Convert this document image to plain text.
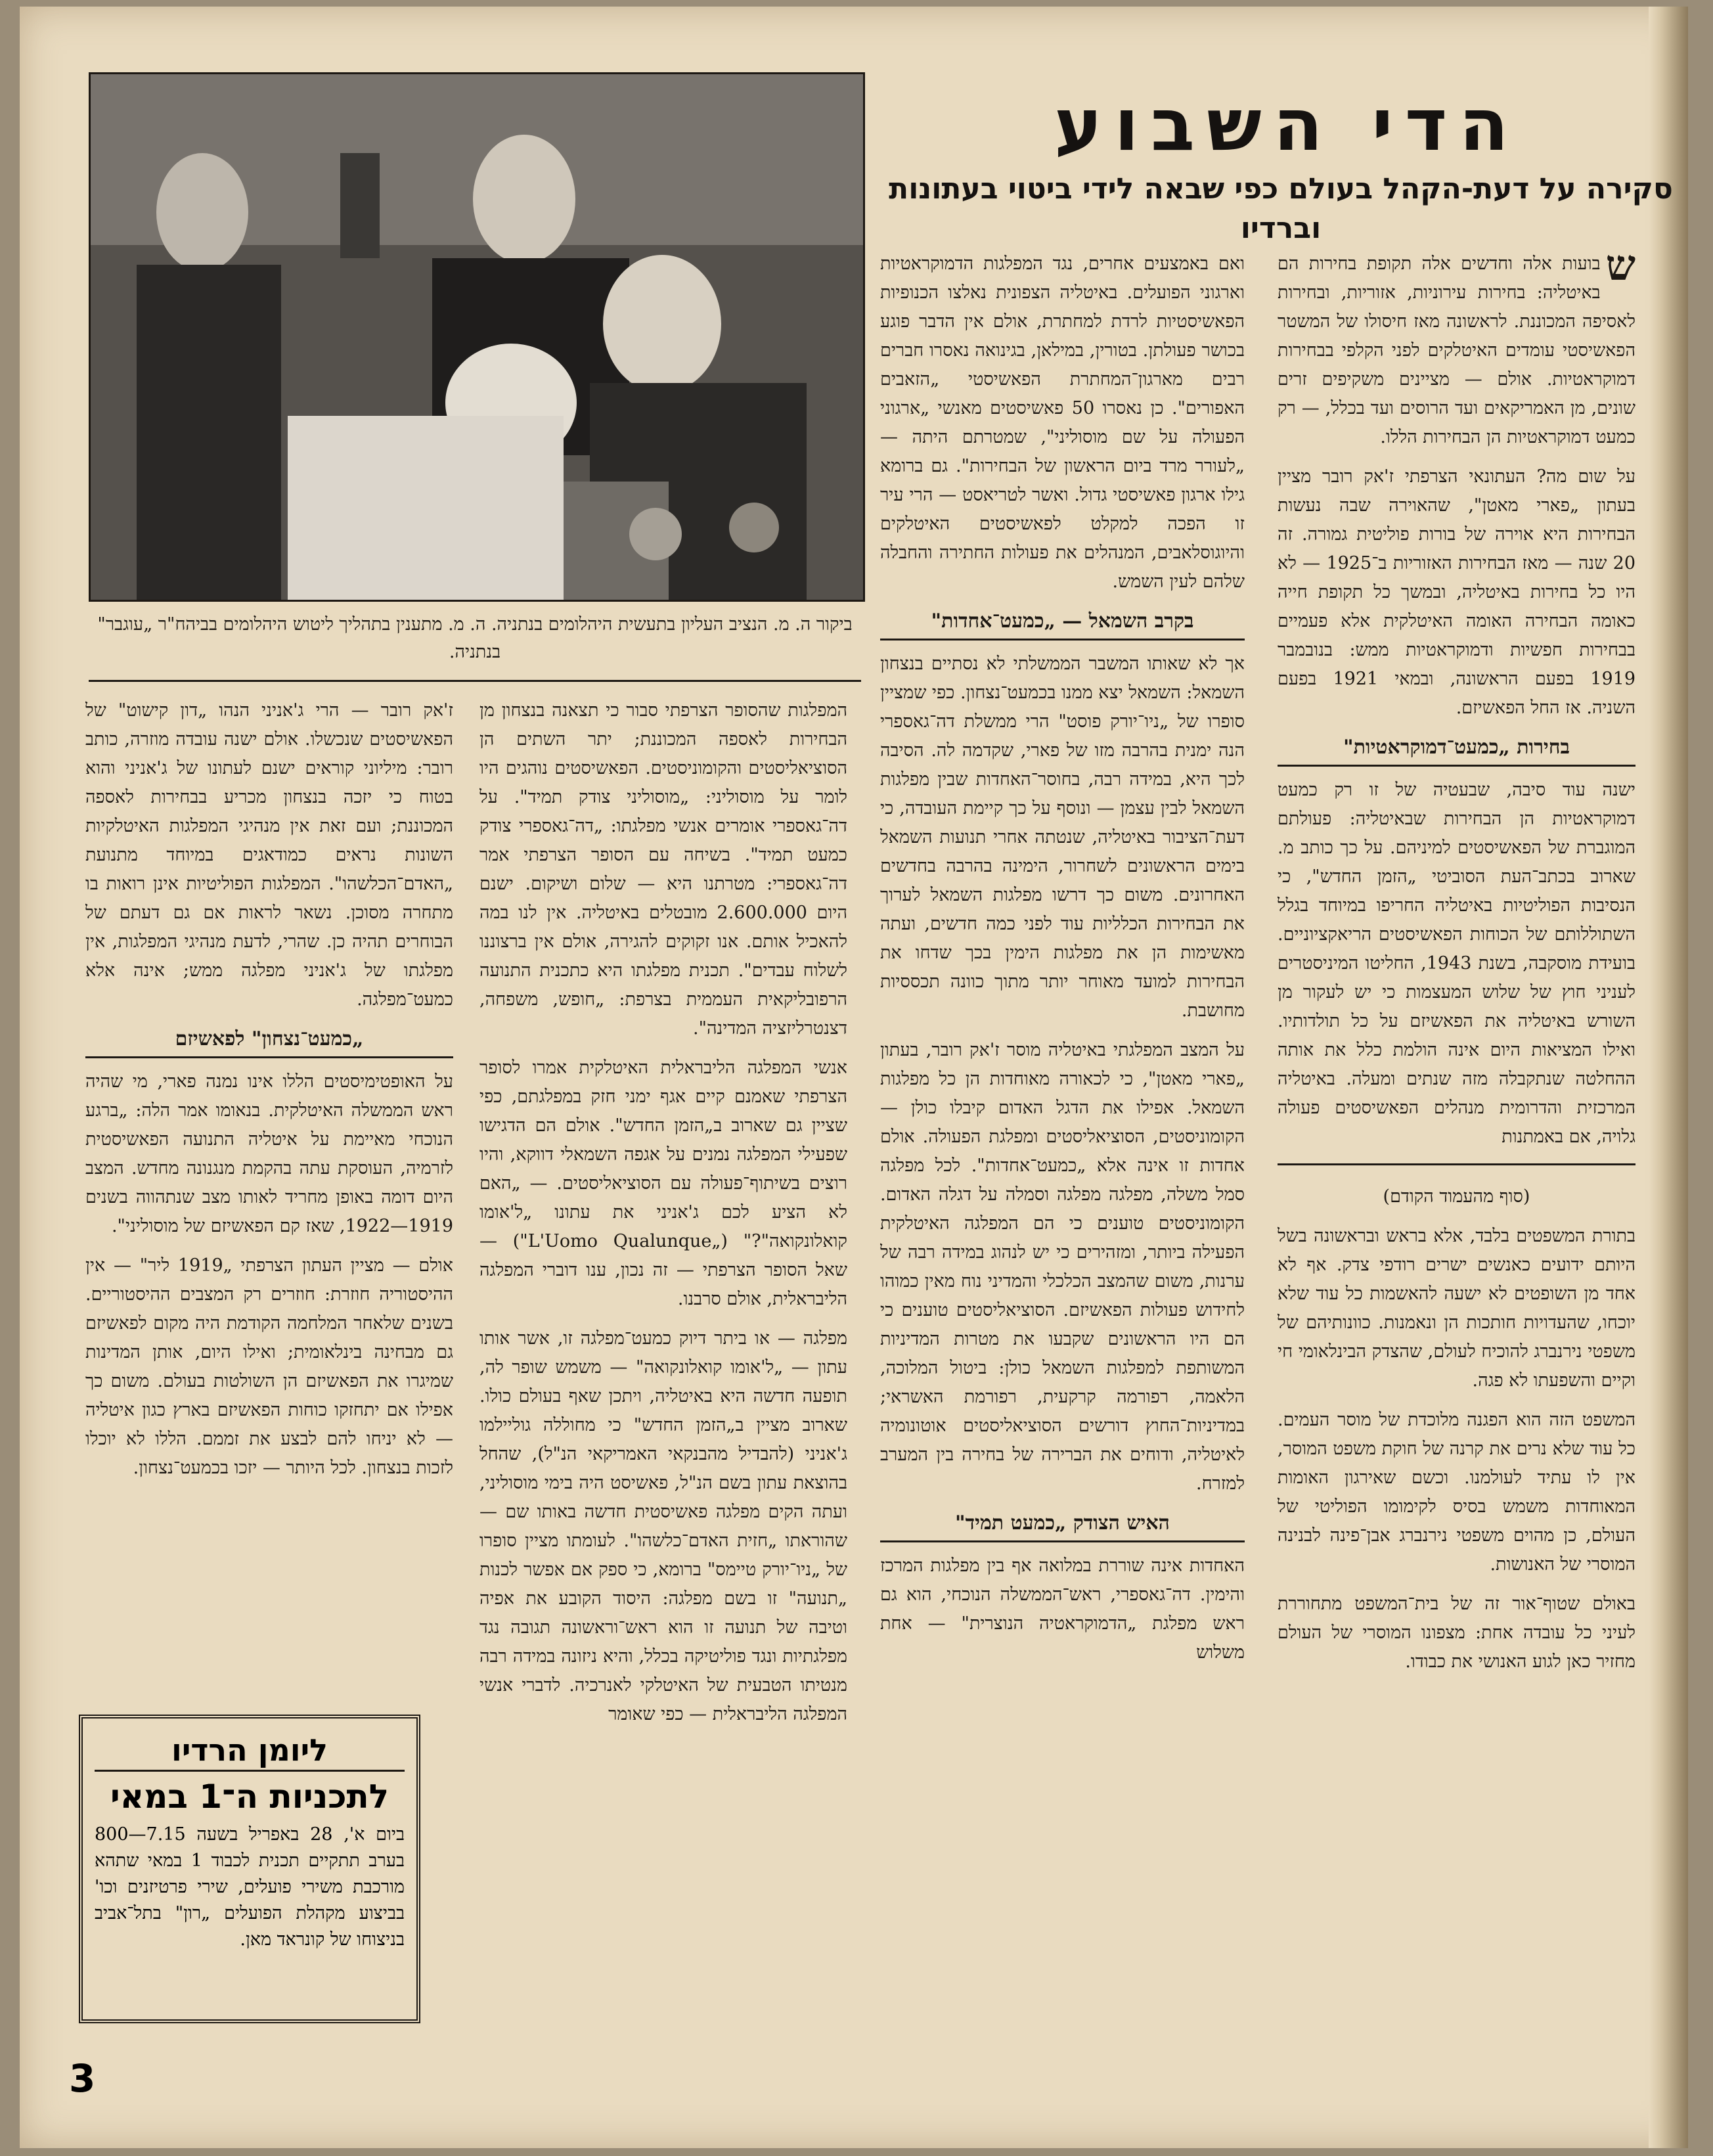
הדי השבוע
סקירה על דעת-הקהל בעולם כפי שבאה לידי ביטוי בעתונות וברדיו
ביקור ה. מ. הנציב העליון בתעשית היהלומים בנתניה. ה. מ. מתענין בתהליך ליטוש היהלומים בביהח"ר „עוגבר" בנתניה.

ש
בועות אלה וחדשים אלה תקופת בחירות הם באיטליה: בחירות עירוניות, אזוריות, ובחירות לאסיפה המכוננת. לראשונה מאז חיסולו של המשטר הפאשיסטי עומדים האיטלקים לפני הקלפי בבחירות דמוקראטיות. אולם — מציינים משקיפים זרים שונים, מן האמריקאים ועד הרוסים ועד בכלל, — רק כמעט דמוקראטיות הן הבחירות הללו.

על שום מה? העתונאי הצרפתי ז'אק רובר מציין בעתון „פארי מאטן", שהאוירה שבה נעשות הבחירות היא אוירה של בורות פוליטית גמורה. זה 20 שנה — מאז הבחירות האזוריות ב־1925 — לא היו כל בחירות באיטליה, ובמשך כל תקופת חייה כאומה הבחירה האומה האיטלקית אלא פעמיים בבחירות חפשיות ודמוקראטיות ממש: בנובמבר 1919 בפעם הראשונה, ובמאי 1921 בפעם השניה. אז החל הפאשיזם.

בחירות „כמעט־דמוקראטיות"

ישנה עוד סיבה, שבעטיה של זו רק כמעט דמוקראטיות הן הבחירות שבאיטליה: פעולתם המוגברת של הפאשיסטים למיניהם. על כך כותב מ. שארוב בכתב־העת הסוביטי „הזמן החדש", כי הנסיבות הפוליטיות באיטליה החריפו במיוחד בגלל השתוללותם של הכוחות הפאשיסטים הריאקציוניים. בועידת מוסקבה, בשנת 1943, החליטו המיניסטרים לעניני חוץ של שלוש המעצמות כי יש לעקור מן השורש באיטליה את הפאשיזם על כל תולדותיו. ואילו המציאות היום אינה הולמת כלל את אותה ההחלטה שנתקבלה מזה שנתים ומעלה. באיטליה המרכזית והדרומית מנהלים הפאשיסטים פעולה גלויה, אם באמתנות

(סוף מהעמוד הקודם)

בתורת המשפטים בלבד, אלא בראש ובראשונה בשל היותם ידועים כאנשים ישרים רודפי צדק. אף לא אחד מן השופטים לא ישעה להאשמות כל עוד שלא יוכחו, שהעדויות חותכות הן ונאמנות. כוונותיהם של משפטי נירנברג להוכיח לעולם, שהצדק הבינלאומי חי וקיים והשפעתו לא פגה.

המשפט הזה הוא הפגנה מלוכדת של מוסר העמים. כל עוד שלא נרים את קרנה של חוקת משפט המוסר, אין לו עתיד לעולמנו. וכשם שאירגון האומות המאוחדות משמש בסיס לקימומו הפוליטי של העולם, כן מהוים משפטי נירנברג אבן־פינה לבנינה המוסרי של האנושות.

באולם שטוף־אור זה של בית־המשפט מתחוררת לעיני כל עובדה אחת: מצפונו המוסרי של העולם מחזיר כאן לגוע האנושי את כבודו.

ואם באמצעים אחרים, נגד המפלגות הדמוקראטיות וארגוני הפועלים. באיטליה הצפונית נאלצו הכנופיות הפאשיסטיות לרדת למחתרת, אולם אין הדבר פוגע בכושר פעולתן. בטורין, במילאן, בגינואה נאסרו חברים רבים מארגון־המחתרת הפאשיסטי „הזאבים האפורים". כן נאסרו 50 פאשיסטים מאנשי „ארגוני הפעולה על שם מוסוליני", שמטרתם היתה — „לעורר מרד ביום הראשון של הבחירות". גם ברומא גילו ארגון פאשיסטי גדול. ואשר לטריאסט — הרי עיר זו הפכה למקלט לפאשיסטים האיטלקים והיוגוסלאבים, המנהלים את פעולות החתירה והחבלה שלהם לעין השמש.

בקרב השמאל — „כמעט־אחדות"

אך לא שאותו המשבר הממשלתי לא נסתיים בנצחון השמאל: השמאל יצא ממנו בכמעט־נצחון. כפי שמציין סופרו של „ניו־יורק פוסט" הרי ממשלת דה־גאספרי הנה ימנית בהרבה מזו של פארי, שקדמה לה. הסיבה לכך היא, במידה רבה, בחוסר־האחדות שבין מפלגות השמאל לבין עצמן — ונוסף על כך קיימת העובדה, כי דעת־הציבור באיטליה, שנטתה אחרי תנועות השמאל בימים הראשונים לשחרור, הימינה בהרבה בחדשים האחרונים. משום כך דרשו מפלגות השמאל לערוך את הבחירות הכלליות עוד לפני כמה חדשים, ועתה מאשימות הן את מפלגות הימין בכך שדחו את הבחירות למועד מאוחר יותר מתוך כוונה תכססיות מחושבת.

על המצב המפלגתי באיטליה מוסר ז'אק רובר, בעתון „פארי מאטן", כי לכאורה מאוחדות הן כל מפלגות השמאל. אפילו את הדגל האדום קיבלו כולן — הקומוניסטים, הסוציאליסטים ומפלגת הפעולה. אולם אחדות זו אינה אלא „כמעט־אחדות". לכל מפלגה סמל משלה, מפלגה מפלגה וסמלה על דגלה האדום. הקומוניסטים טוענים כי הם המפלגה האיטלקית הפעילה ביותר, ומזהירים כי יש לנהוג במידה רבה של ערנות, משום שהמצב הכלכלי והמדיני נוח מאין כמוהו לחידוש פעולות הפאשיזם. הסוציאליסטים טוענים כי הם היו הראשונים שקבעו את מטרות המדיניות המשותפת למפלגות השמאל כולן: ביטול המלוכה, הלאמה, רפורמה קרקעית, רפורמת האשראי; במדיניות־החוץ דורשים הסוציאליסטים אוטונומיה לאיטליה, ודוחים את הברירה של בחירה בין המערב למזרח.

האיש הצודק „כמעט תמיד"

האחדות אינה שוררת במלואה אף בין מפלגות המרכז והימין. דה־גאספרי, ראש־הממשלה הנוכחי, הוא גם ראש מפלגת „הדמוקראטיה הנוצרית" — אחת משלוש

המפלגות שהסופר הצרפתי סבור כי תצאנה בנצחון מן הבחירות לאספה המכוננת; יתר השתים הן הסוציאליסטים והקומוניסטים. הפאשיסטים נוהגים היו לומר על מוסוליני: „מוסוליני צודק תמיד". על דה־גאספרי אומרים אנשי מפלגתו: „דה־גאספרי צודק כמעט תמיד". בשיחה עם הסופר הצרפתי אמר דה־גאספרי: מטרתנו היא — שלום ושיקום. ישנם היום 2.600.000 מובטלים באיטליה. אין לנו במה להאכיל אותם. אנו זקוקים להגירה, אולם אין ברצוננו לשלוח עבדים". תכנית מפלגתו היא כתכנית התנועה הרפובליקאית העממית בצרפת: „חופש, משפחה, דצנטרליזציה המדינה".

אנשי המפלגה הליבראלית האיטלקית אמרו לסופר הצרפתי שאמנם קיים אגף ימני חזק במפלגתם, כפי שציין גם שארוב ב„הזמן החדש". אולם הם הדגישו שפעילי המפלגה נמנים על אגפה השמאלי דווקא, והיו רוצים בשיתוף־פעולה עם הסוציאליסטים. — „האם לא הציע לכם ג'אניני את עתונו „ל'אומו קואלונקואה"?" („L'Uomo Qualunque") — שאל הסופר הצרפתי — זה נכון, ענו דוברי המפלגה הליבראלית, אולם סרבנו.

מפלגה — או ביתר דיוק כמעט־מפלגה זו, אשר אותו עתון — „ל'אומו קואלונקואה" — משמש שופר לה, תופעה חדשה היא באיטליה, ויתכן שאף בעולם כולו. שארוב מציין ב„הזמן החדש" כי מחוללה גוליילמו ג'אניני (להבדיל מהבנקאי האמריקאי הנ"ל), שהחל בהוצאת עתון בשם הנ"ל, פאשיסט היה בימי מוסוליני, ועתה הקים מפלגה פאשיסטית חדשה באותו שם — שהוראתו „חזית האדם־כלשהו". לעומתו מציין סופרו של „ניו־יורק טיימס" ברומא, כי ספק אם אפשר לכנות „תנועה" זו בשם מפלגה: היסוד הקובע את אפיה וטיבה של תנועה זו הוא ראש־וראשונה תגובה נגד מפלגתיות ונגד פוליטיקה בכלל, והיא ניזונה במידה רבה מנטיתו הטבעית של האיטלקי לאנרכיה. לדברי אנשי המפלגה הליבראלית — כפי שאומר

ז'אק רובר — הרי ג'אניני הנהו „דון קישוט" של הפאשיסטים שנכשלו. אולם ישנה עובדה מוזרה, כותב רובר: מיליוני קוראים ישנם לעתונו של ג'אניני והוא בטוח כי יזכה בנצחון מכריע בבחירות לאספה המכוננת; ועם זאת אין מנהיגי המפלגות האיטלקיות השונות נראים כמודאגים במיוחד מתנועת „האדם־הכלשהו". המפלגות הפוליטיות אינן רואות בו מתחרה מסוכן. נשאר לראות אם גם דעתם של הבוחרים תהיה כן. שהרי, לדעת מנהיגי המפלגות, אין מפלגתו של ג'אניני מפלגה ממש; אינה אלא כמעט־מפלגה.

„כמעט־נצחון" לפאשיזם

על האופטימיסטים הללו אינו נמנה פארי, מי שהיה ראש הממשלה האיטלקית. בנאומו אמר הלה: „ברגע הנוכחי מאיימת על איטליה התנועה הפאשיסטית לזרמיה, העוסקת עתה בהקמת מנגנונה מחדש. המצב היום דומה באופן מחריד לאותו מצב שנתהווה בשנים 1919—1922, שאז קם הפאשיזם של מוסוליני".

אולם — מציין העתון הצרפתי „1919 ליר" — אין ההיסטוריה חוזרת: חוזרים רק המצבים ההיסטוריים. בשנים שלאחר המלחמה הקודמת היה מקום לפאשיזם גם מבחינה בינלאומית; ואילו היום, אותן המדינות שמיגרו את הפאשיזם הן השולטות בעולם. משום כך אפילו אם יתחזקו כוחות הפאשיזם בארץ כגון איטליה — לא יניחו להם לבצע את זממם. הללו לא יוכלו לזכות בנצחון. לכל היותר — יזכו בכמעט־נצחון.

ליומן הרדיו
לתכניות ה־1 במאי
ביום א', 28 באפריל בשעה 7.15—800 בערב תתקיים תכנית לכבוד 1 במאי שתהא מורכבת משירי פועלים, שירי פרטיזנים וכו' בביצוע מקהלת הפועלים „רון" בתל־אביב בניצוחו של קונראד מאן.
3
